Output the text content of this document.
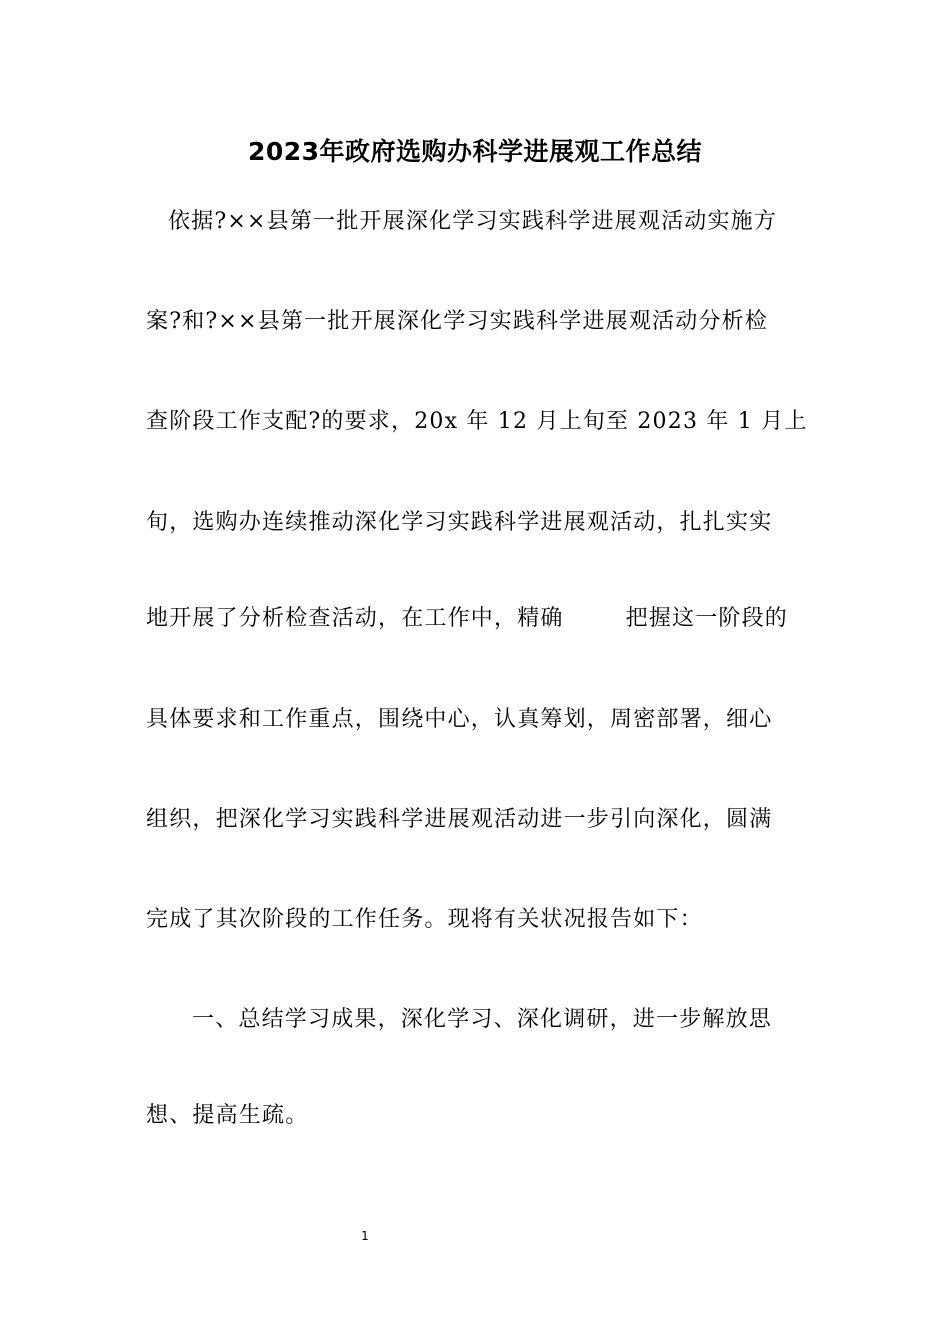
2023年政府选购办科学进展观工作总结
依据?××县第一批开展深化学习实践科学进展观活动实施方
案?和?××县第一批开展深化学习实践科学进展观活动分析检
查阶段工作支配?的要求，20x 年 12 月上旬至 2023 年 1 月上
旬，选购办连续推动深化学习实践科学进展观活动，扎扎实实
地开展了分析检查活动，在工作中，精确	把握这一阶段的
具体要求和工作重点，围绕中心，认真筹划，周密部署，细心
组织，把深化学习实践科学进展观活动进一步引向深化，圆满
完成了其次阶段的工作任务。现将有关状况报告如下：
一、总结学习成果，深化学习、深化调研，进一步解放思
想、提高生疏。
1
